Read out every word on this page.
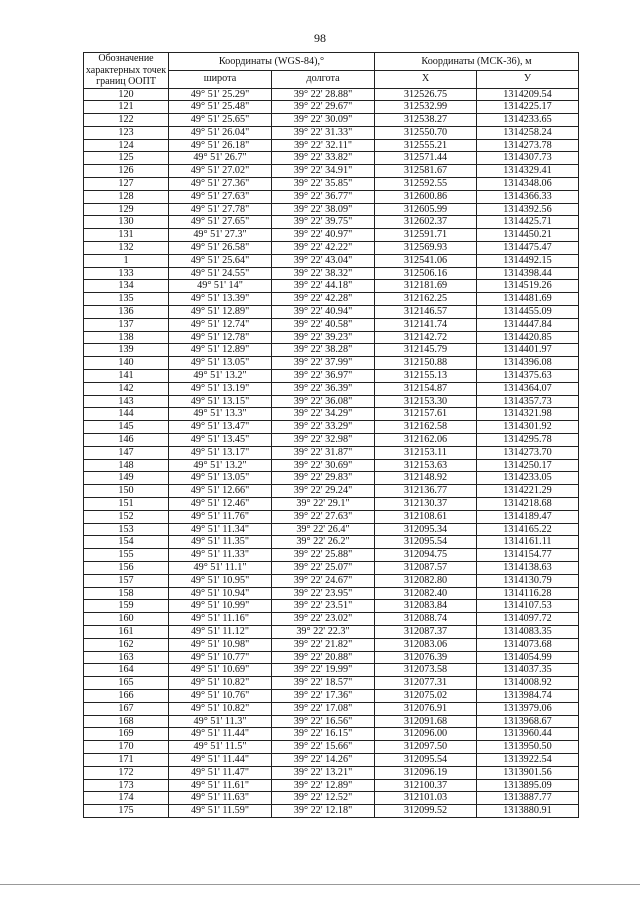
98
Обозначение характерных точек границ ООПТ	Координаты (WGS-84),°		Координаты (МСК-36), м	
	широта	долгота	X	У
120	49° 51' 25.29"	39° 22' 28.88"	312526.75	1314209.54
121	49° 51' 25.48"	39° 22' 29.67"	312532.99	1314225.17
122	49° 51' 25.65"	39° 22' 30.09"	312538.27	1314233.65
123	49° 51' 26.04"	39° 22' 31.33"	312550.70	1314258.24
124	49° 51' 26.18"	39° 22' 32.11"	312555.21	1314273.78
125	49° 51' 26.7"	39° 22' 33.82"	312571.44	1314307.73
126	49° 51' 27.02"	39° 22' 34.91"	312581.67	1314329.41
127	49° 51' 27.36"	39° 22' 35.85"	312592.55	1314348.06
128	49° 51' 27.63"	39° 22' 36.77"	312600.86	1314366.33
129	49° 51' 27.78"	39° 22' 38.09"	312605.99	1314392.56
130	49° 51' 27.65"	39° 22' 39.75"	312602.37	1314425.71
131	49° 51' 27.3"	39° 22' 40.97"	312591.71	1314450.21
132	49° 51' 26.58"	39° 22' 42.22"	312569.93	1314475.47
1	49° 51' 25.64"	39° 22' 43.04"	312541.06	1314492.15
133	49° 51' 24.55"	39° 22' 38.32"	312506.16	1314398.44
134	49° 51' 14"	39° 22' 44.18"	312181.69	1314519.26
135	49° 51' 13.39"	39° 22' 42.28"	312162.25	1314481.69
136	49° 51' 12.89"	39° 22' 40.94"	312146.57	1314455.09
137	49° 51' 12.74"	39° 22' 40.58"	312141.74	1314447.84
138	49° 51' 12.78"	39° 22' 39.23"	312142.72	1314420.85
139	49° 51' 12.89"	39° 22' 38.28"	312145.79	1314401.97
140	49° 51' 13.05"	39° 22' 37.99"	312150.88	1314396.08
141	49° 51' 13.2"	39° 22' 36.97"	312155.13	1314375.63
142	49° 51' 13.19"	39° 22' 36.39"	312154.87	1314364.07
143	49° 51' 13.15"	39° 22' 36.08"	312153.30	1314357.73
144	49° 51' 13.3"	39° 22' 34.29"	312157.61	1314321.98
145	49° 51' 13.47"	39° 22' 33.29"	312162.58	1314301.92
146	49° 51' 13.45"	39° 22' 32.98"	312162.06	1314295.78
147	49° 51' 13.17"	39° 22' 31.87"	312153.11	1314273.70
148	49° 51' 13.2"	39° 22' 30.69"	312153.63	1314250.17
149	49° 51' 13.05"	39° 22' 29.83"	312148.92	1314233.05
150	49° 51' 12.66"	39° 22' 29.24"	312136.77	1314221.29
151	49° 51' 12.46"	39° 22' 29.1"	312130.37	1314218.68
152	49° 51' 11.76"	39° 22' 27.63"	312108.61	1314189.47
153	49° 51' 11.34"	39° 22' 26.4"	312095.34	1314165.22
154	49° 51' 11.35"	39° 22' 26.2"	312095.54	1314161.11
155	49° 51' 11.33"	39° 22' 25.88"	312094.75	1314154.77
156	49° 51' 11.1"	39° 22' 25.07"	312087.57	1314138.63
157	49° 51' 10.95"	39° 22' 24.67"	312082.80	1314130.79
158	49° 51' 10.94"	39° 22' 23.95"	312082.40	1314116.28
159	49° 51' 10.99"	39° 22' 23.51"	312083.84	1314107.53
160	49° 51' 11.16"	39° 22' 23.02"	312088.74	1314097.72
161	49° 51' 11.12"	39° 22' 22.3"	312087.37	1314083.35
162	49° 51' 10.98"	39° 22' 21.82"	312083.06	1314073.68
163	49° 51' 10.77"	39° 22' 20.88"	312076.39	1314054.99
164	49° 51' 10.69"	39° 22' 19.99"	312073.58	1314037.35
165	49° 51' 10.82"	39° 22' 18.57"	312077.31	1314008.92
166	49° 51' 10.76"	39° 22' 17.36"	312075.02	1313984.74
167	49° 51' 10.82"	39° 22' 17.08"	312076.91	1313979.06
168	49° 51' 11.3"	39° 22' 16.56"	312091.68	1313968.67
169	49° 51' 11.44"	39° 22' 16.15"	312096.00	1313960.44
170	49° 51' 11.5"	39° 22' 15.66"	312097.50	1313950.50
171	49° 51' 11.44"	39° 22' 14.26"	312095.54	1313922.54
172	49° 51' 11.47"	39° 22' 13.21"	312096.19	1313901.56
173	49° 51' 11.61"	39° 22' 12.89"	312100.37	1313895.09
174	49° 51' 11.63"	39° 22' 12.52"	312101.03	1313887.77
175	49° 51' 11.59"	39° 22' 12.18"	312099.52	1313880.91
